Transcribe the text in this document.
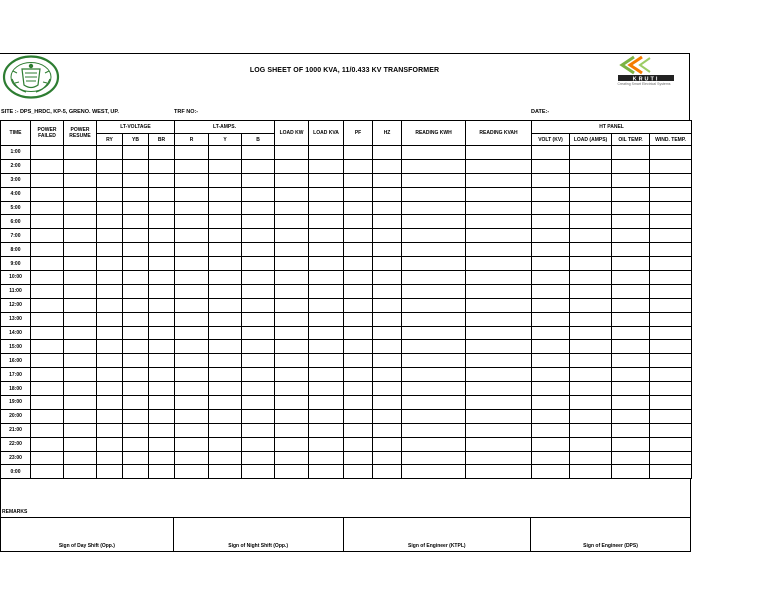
LOG SHEET OF 1000 KVA, 11/0.433 KV TRANSFORMER
KRUTI
Creating Smart Electrical Systems
SITE :- DPS_HRDC, KP-5, GRENO. WEST, UP.	TRF NO:-	DATE:-
TIME	POWER FAILED	POWER RESUME	LT-VOLTAGE			LT-AMPS.			LOAD KW	LOAD KVA	PF	HZ	READING KWH	READING KVAH	HT PANEL			
			RY	YB	BR	R	Y	B							VOLT (KV)	LOAD (AMPS)	OIL TEMP.	WIND. TEMP.
1:00																		
2:00																		
3:00																		
4:00																		
5:00																		
6:00																		
7:00																		
8:00																		
9:00																		
10:00																		
11:00																		
12:00																		
13:00																		
14:00																		
15:00																		
16:00																		
17:00																		
18:00																		
19:00																		
20:00																		
21:00																		
22:00																		
23:00																		
0:00																		
REMARKS
Sign of Day Shift (Opp.)	Sign of Night Shift (Opp.)	Sign of Engineer (KTPL)	Sign of Engineer (DPS)
